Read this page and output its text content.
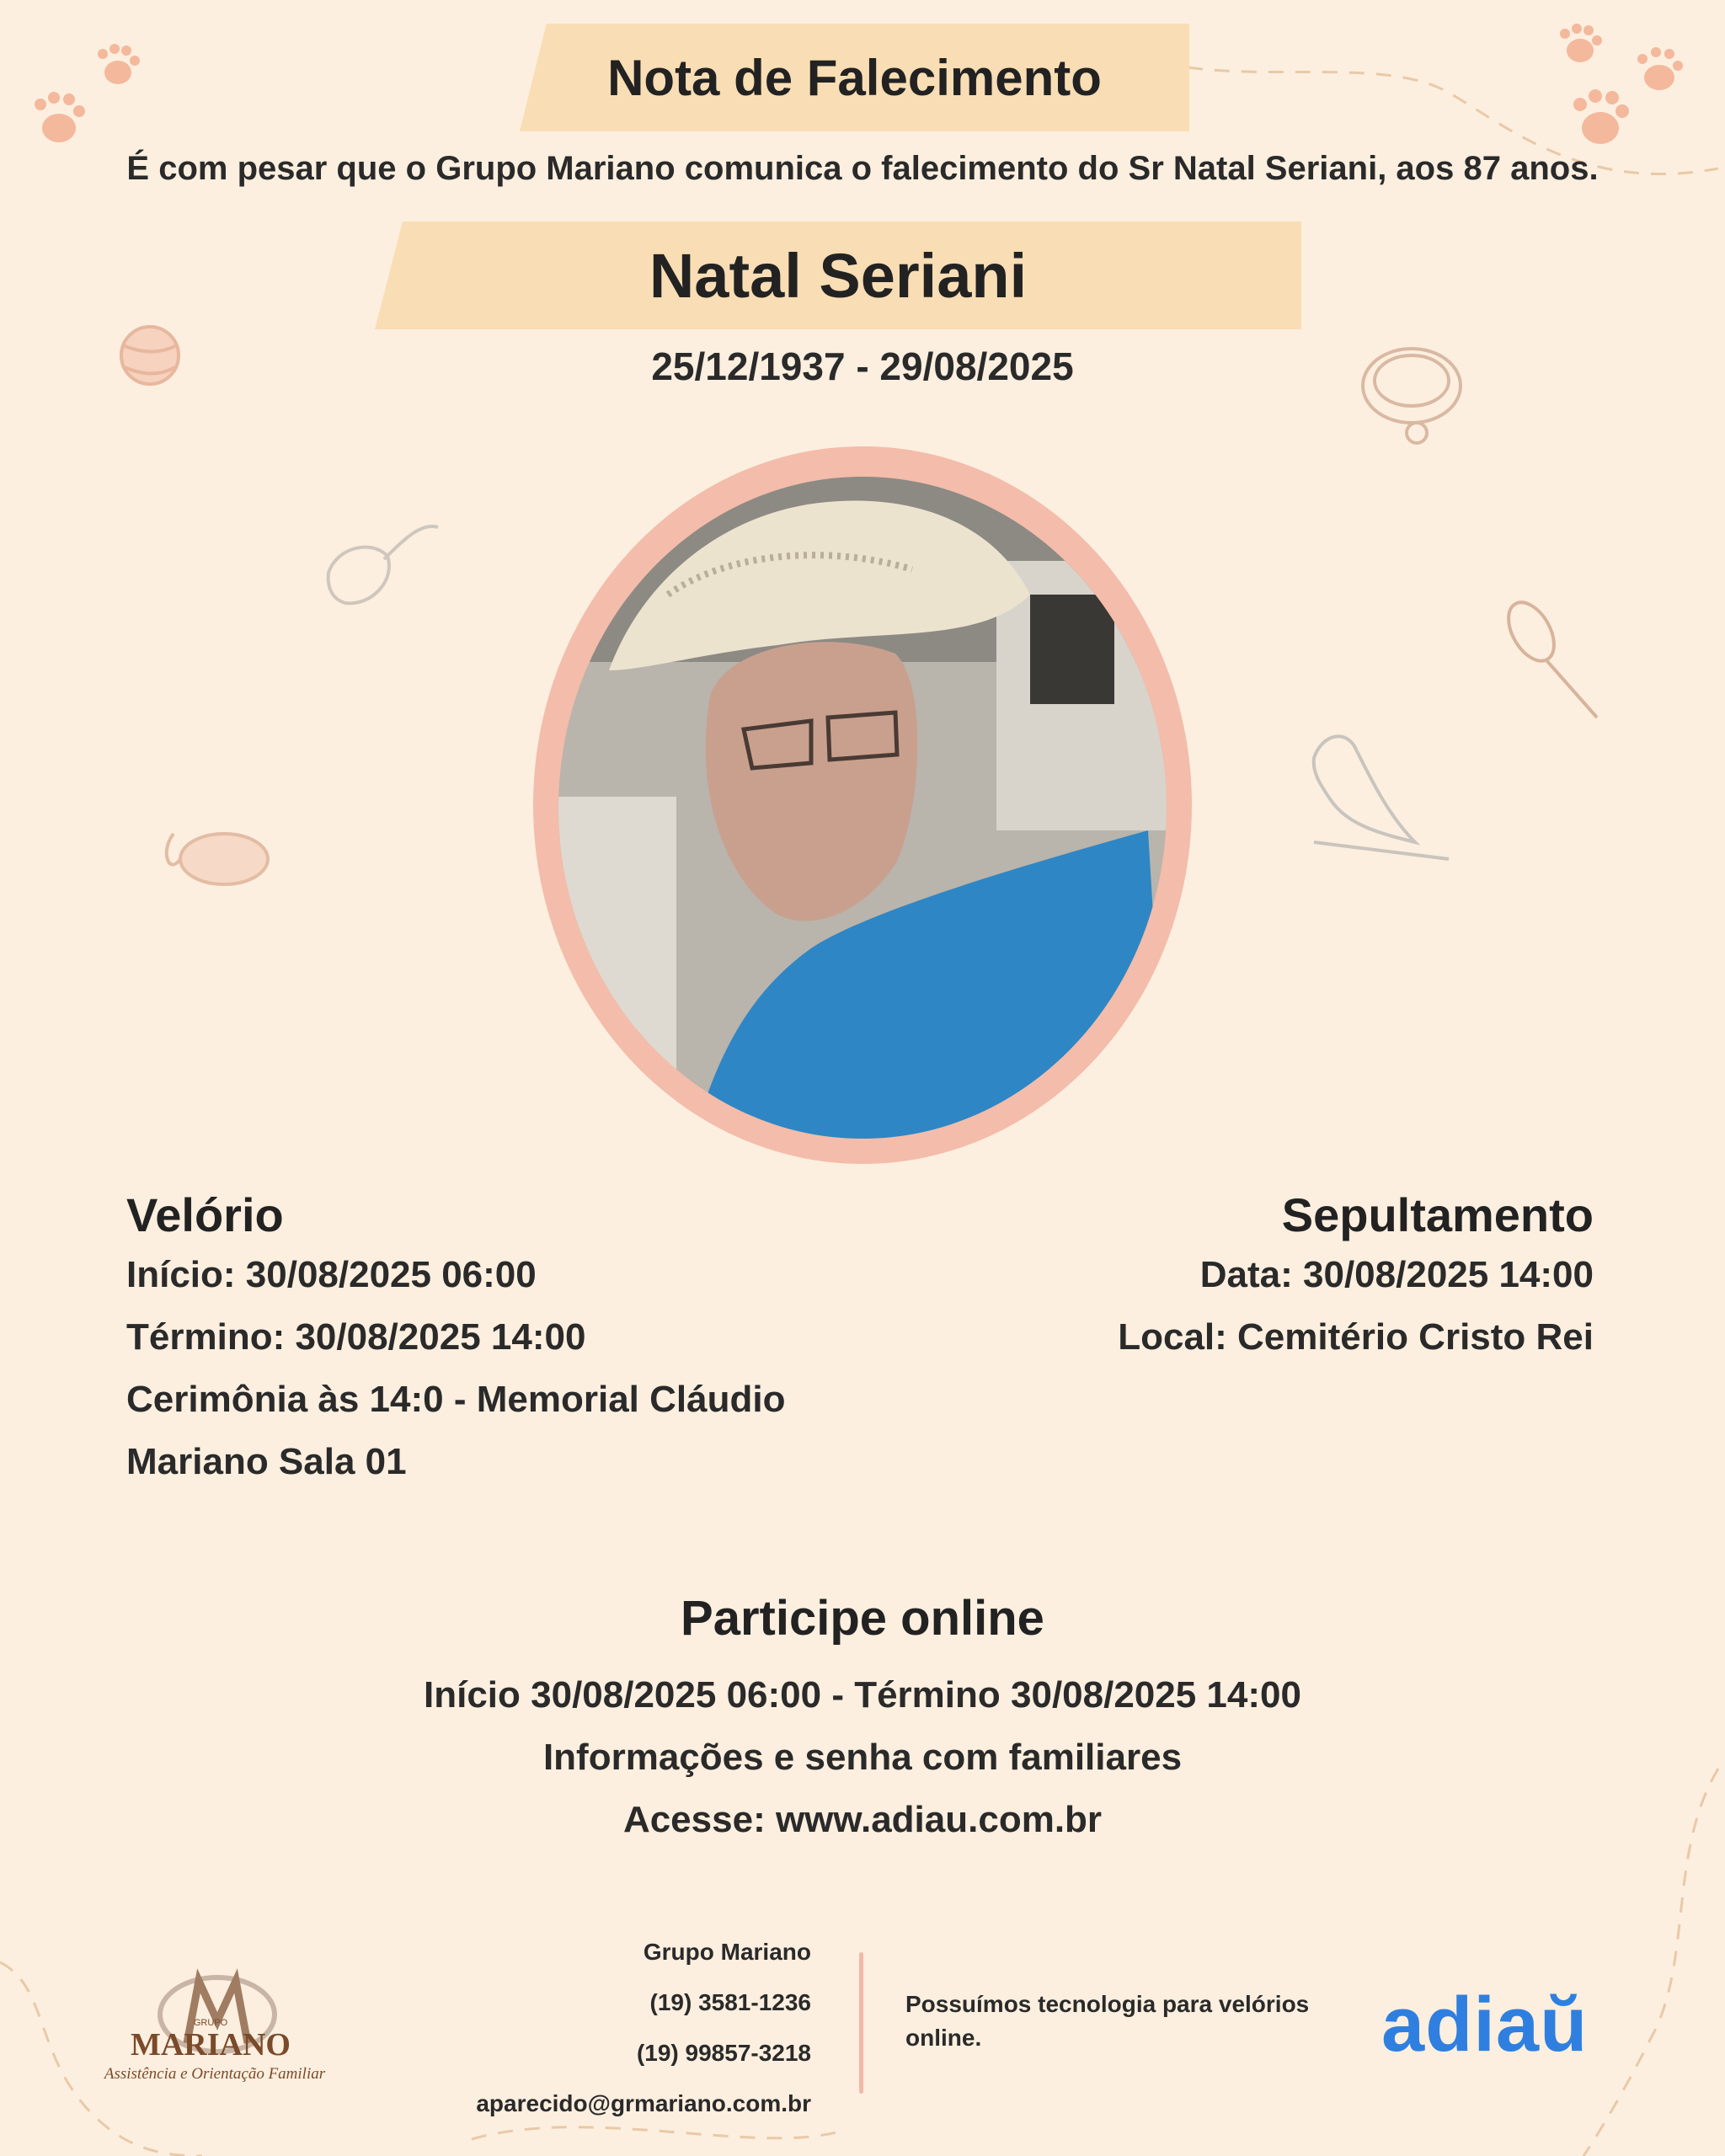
Nota de Falecimento
É com pesar que o Grupo Mariano comunica o falecimento do Sr Natal Seriani, aos 87 anos.
Natal Seriani
25/12/1937 - 29/08/2025
Velório
Início: 30/08/2025 06:00
Término: 30/08/2025 14:00
Cerimônia às 14:0 - Memorial Cláudio
Mariano Sala 01
Sepultamento
Data: 30/08/2025 14:00
Local: Cemitério Cristo Rei
Participe online
Início 30/08/2025 06:00 - Término 30/08/2025 14:00
Informações e senha com familiares
Acesse: www.adiau.com.br
GRUPO
MARIANO
Assistência e Orientação Familiar
Grupo Mariano
(19) 3581-1236
(19) 99857-3218
aparecido@grmariano.com.br
Possuímos tecnologia para velórios online.	adiaŭ
